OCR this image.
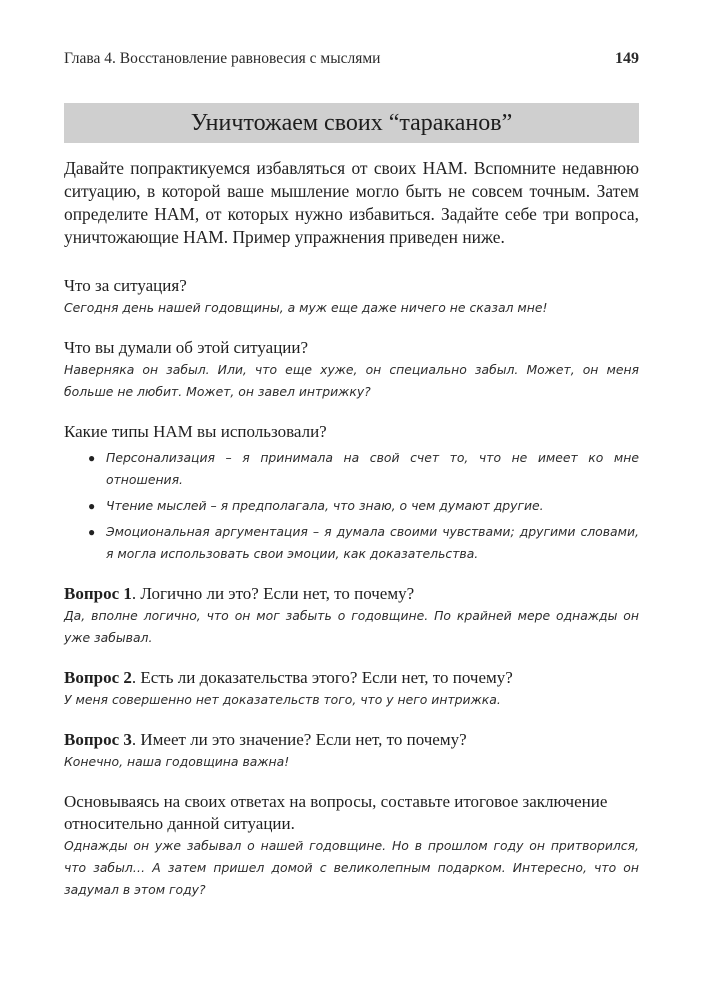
Глава 4. Восстановление равновесия с мыслями	149
Уничтожаем своих “тараканов”

Давайте попрактикуемся избавляться от своих НАМ. Вспомните недавнюю ситуацию, в которой ваше мышление могло быть не совсем точным. Затем определите НАМ, от которых нужно избавиться. Задайте себе три вопроса, уничтожающие НАМ. Пример упражнения приведен ниже.

Что за ситуация?

Сегодня день нашей годовщины, а муж еще даже ничего не сказал мне!

Что вы думали об этой ситуации?

Наверняка он забыл. Или, что еще хуже, он специально забыл. Может, он меня больше не любит. Может, он завел интрижку?

Какие типы НАМ вы использовали?

● Персонализация – я принимала на свой счет то, что не имеет ко мне отношения.

● Чтение мыслей – я предполагала, что знаю, о чем думают другие.

● Эмоциональная аргументация – я думала своими чувствами; другими словами, я могла использовать свои эмоции, как доказательства.

Вопрос 1. Логично ли это? Если нет, то почему?

Да, вполне логично, что он мог забыть о годовщине. По крайней мере однажды он уже забывал.

Вопрос 2. Есть ли доказательства этого? Если нет, то почему?

У меня совершенно нет доказательств того, что у него интрижка.

Вопрос 3. Имеет ли это значение? Если нет, то почему?

Конечно, наша годовщина важна!

Основываясь на своих ответах на вопросы, составьте итоговое заключение относительно данной ситуации.

Однажды он уже забывал о нашей годовщине. Но в прошлом году он притворился, что забыл… А затем пришел домой с великолепным подарком. Интересно, что он задумал в этом году?
